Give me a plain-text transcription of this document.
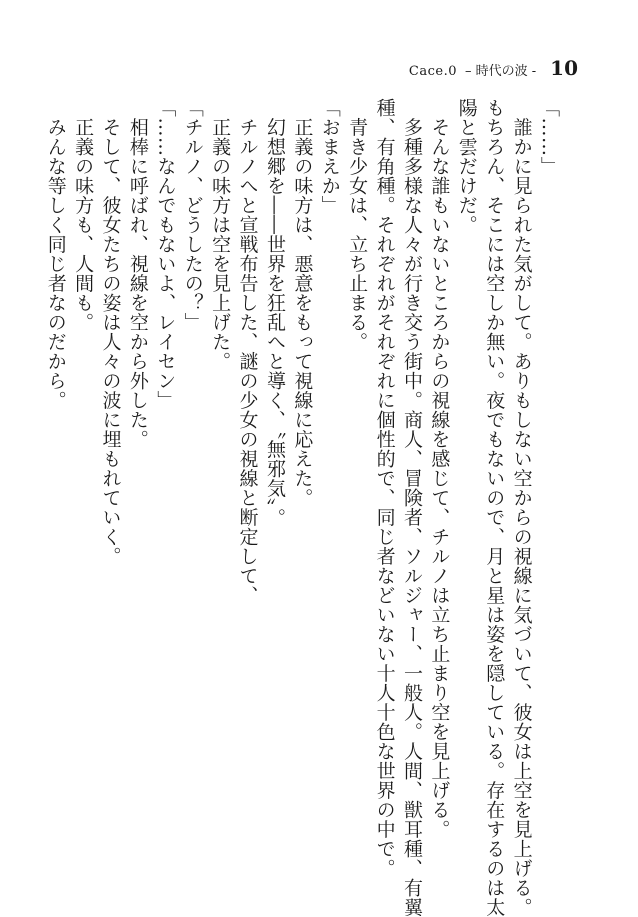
Cace.0 – 時代の波 - 10

「……」

　誰かに見られた気がして。ありもしない空からの視線に気づいて、彼女は上空を見上げる。

もちろん、そこには空しか無い。夜でもないので、月と星は姿を隠している。存在するのは太

陽と雲だけだ。

　そんな誰もいないところからの視線を感じて、チルノは立ち止まり空を見上げる。

　多種多様な人々が行き交う街中。商人、冒険者、ソルジャー、一般人。人間、獣耳種、有翼

種、有角種。それぞれがそれぞれに個性的で、同じ者などいない十人十色な世界の中で。

　青き少女は、立ち止まる。

「おまえか」

　正義の味方は、悪意をもって視線に応えた。

　幻想郷を――世界を狂乱へと導く、〝無邪気〟。

　チルノへと宣戦布告した、謎の少女の視線と断定して、

　正義の味方は空を見上げた。

「チルノ、どうしたの？」

「……なんでもないよ、レイセン」

　相棒に呼ばれ、視線を空から外した。

　そして、彼女たちの姿は人々の波に埋もれていく。

　正義の味方も、人間も。

　みんな等しく同じ者なのだから。
